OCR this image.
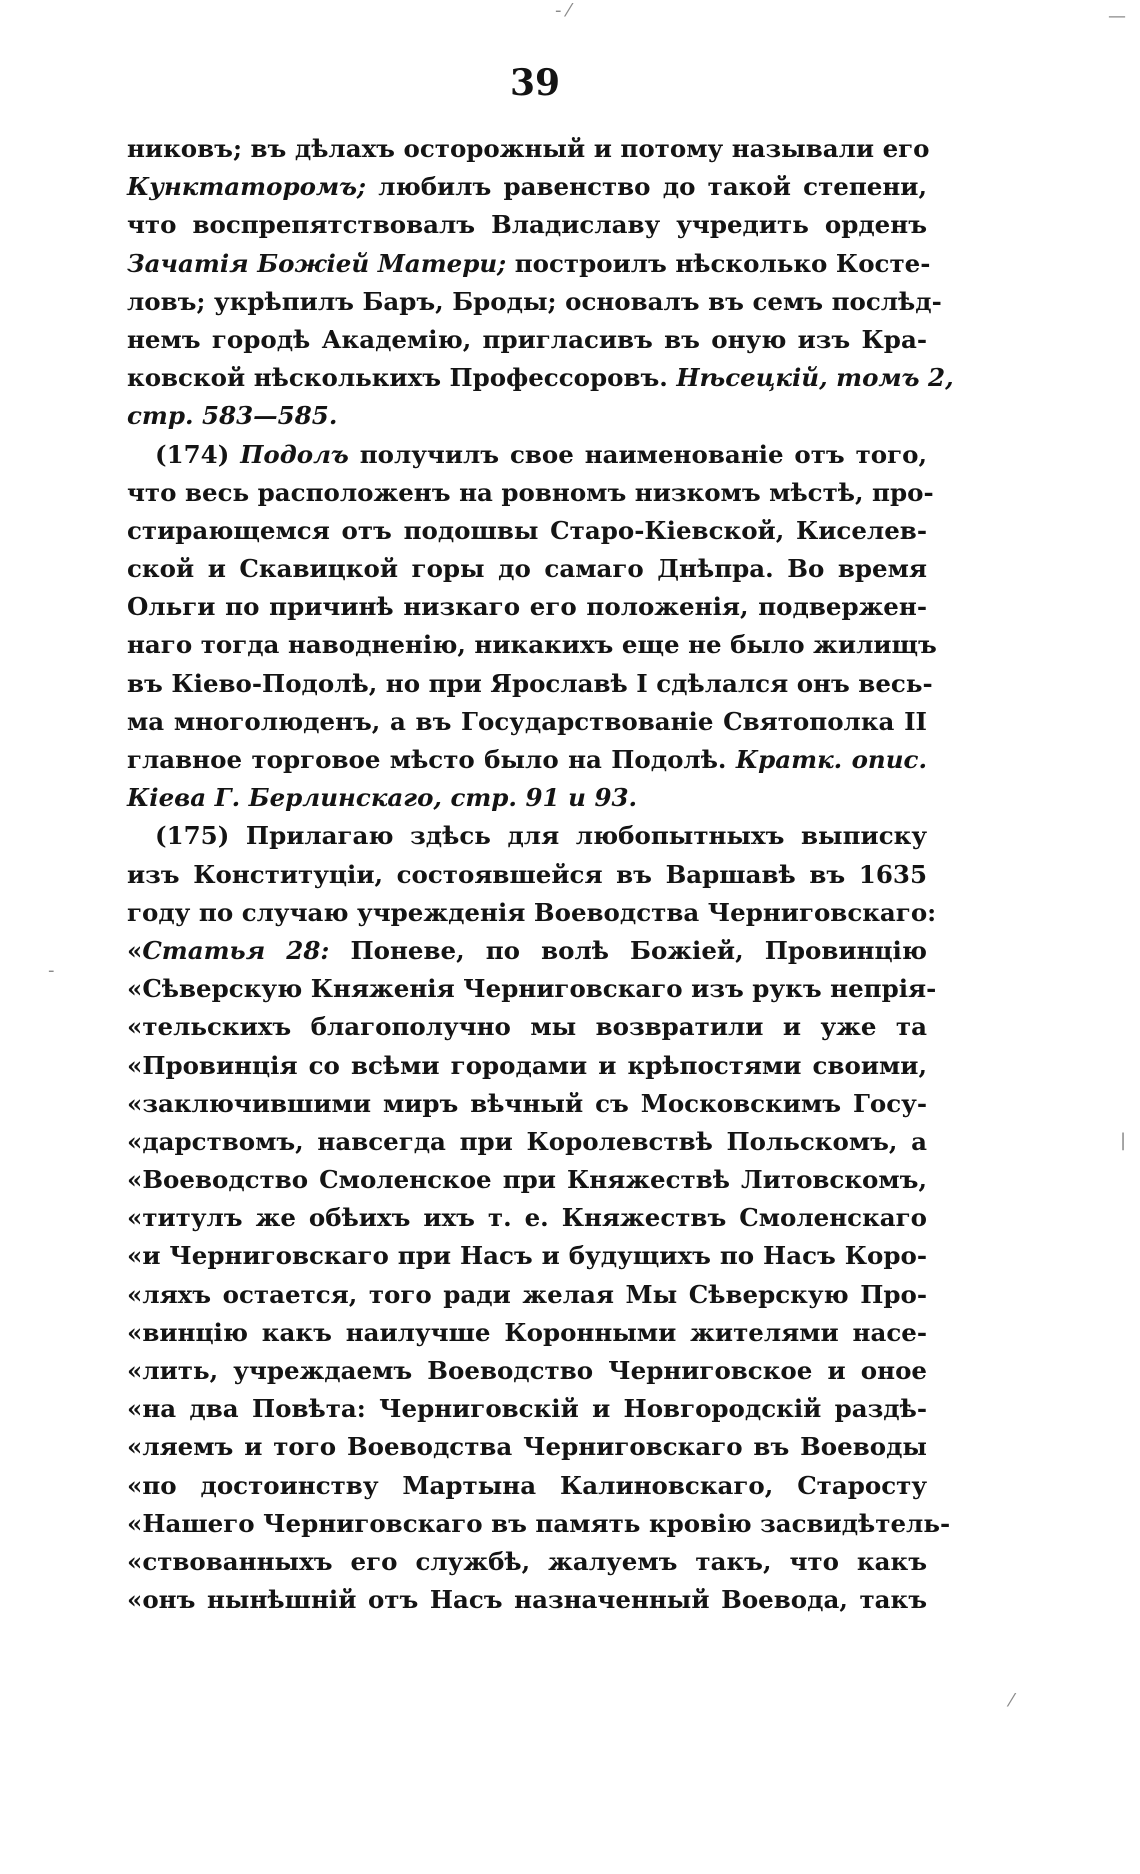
- ⁄	—
-
|
⁄
39
никовъ; въ дѣлахъ осторожный и потому называли его
Кунктаторомъ; любилъ равенство до такой степени,
что воспрепятствовалъ Владиславу учредить орденъ
Зачатія Божіей Матери; построилъ нѣсколько Косте-
ловъ; укрѣпилъ Баръ, Броды; основалъ въ семъ послѣд-
немъ городѣ Академію, пригласивъ въ оную изъ Кра-
ковской нѣсколькихъ Профессоровъ. Нѣсецкій, томъ 2,
стр. 583—585.
(174) Подолъ получилъ свое наименованіе отъ того,
что весь расположенъ на ровномъ низкомъ мѣстѣ, про-
стирающемся отъ подошвы Старо-Кіевской, Киселев-
ской и Скавицкой горы до самаго Днѣпра. Во время
Ольги по причинѣ низкаго его положенія, подвержен-
наго тогда наводненію, никакихъ еще не было жилищъ
въ Кіево-Подолѣ, но при Ярославѣ I сдѣлался онъ весь-
ма многолюденъ, а въ Государствованіе Святополка II
главное торговое мѣсто было на Подолѣ. Кратк. опис.
Кіева Г. Берлинскаго, стр. 91 и 93.
(175) Прилагаю здѣсь для любопытныхъ выписку
изъ Конституціи, состоявшейся въ Варшавѣ въ 1635
году по случаю учрежденія Воеводства Черниговскаго:
«Статья 28: Поневе, по волѣ Божіей, Провинцію
«Сѣверскую Княженія Черниговскаго изъ рукъ непрія-
«тельскихъ благополучно мы возвратили и уже та
«Провинція со всѣми городами и крѣпостями своими,
«заключившими миръ вѣчный съ Московскимъ Госу-
«дарствомъ, навсегда при Королевствѣ Польскомъ, а
«Воеводство Смоленское при Княжествѣ Литовскомъ,
«титулъ же обѣихъ ихъ т. е. Княжествъ Смоленскаго
«и Черниговскаго при Насъ и будущихъ по Насъ Коро-
«ляхъ остается, того ради желая Мы Сѣверскую Про-
«винцію какъ наилучше Коронными жителями насе-
«лить, учреждаемъ Воеводство Черниговское и оное
«на два Повѣта: Черниговскій и Новгородскій раздѣ-
«ляемъ и того Воеводства Черниговскаго въ Воеводы
«по достоинству Мартына Калиновскаго, Старосту
«Нашего Черниговскаго въ память кровію засвидѣтель-
«ствованныхъ его службѣ, жалуемъ такъ, что какъ
«онъ нынѣшній отъ Насъ назначенный Воевода, такъ
